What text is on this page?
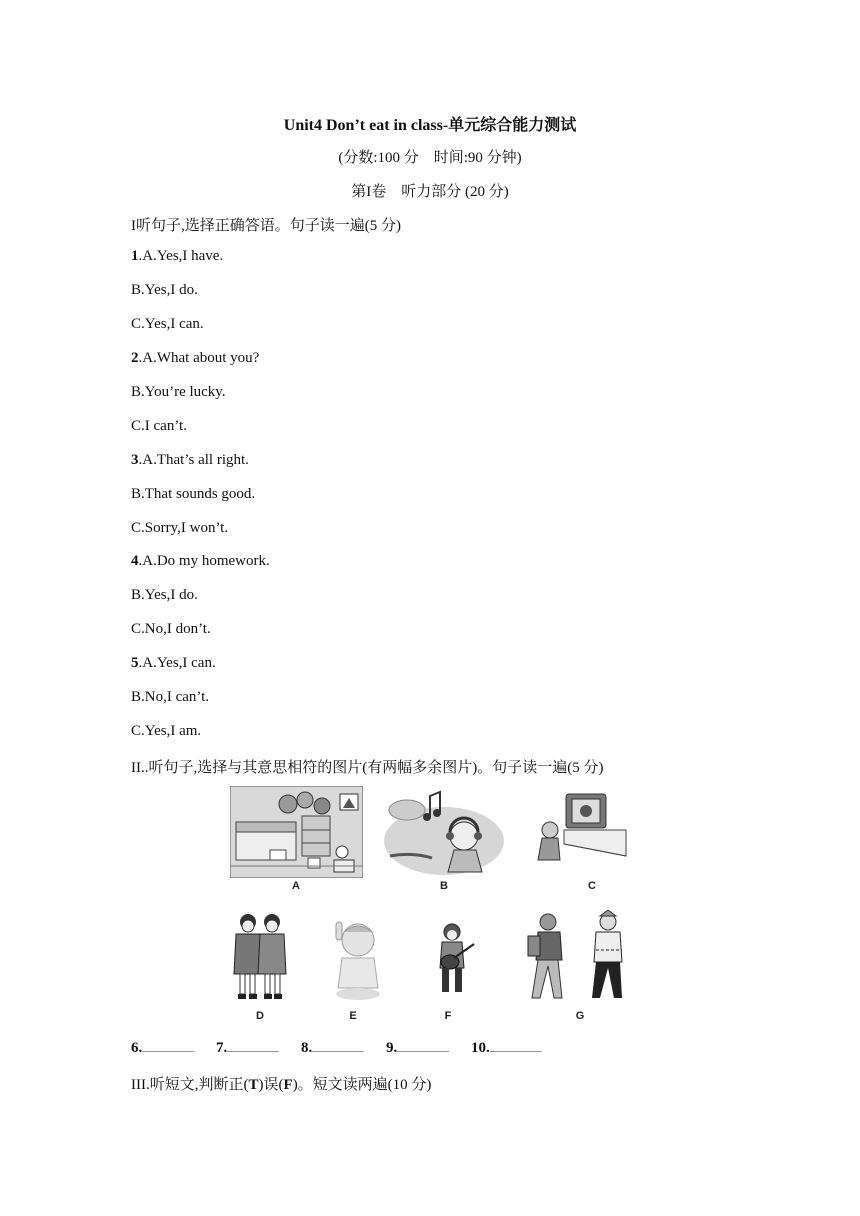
Unit4 Don’t eat in class-单元综合能力测试
(分数:100 分　时间:90 分钟)
第I卷　听力部分 (20 分)
I听句子,选择正确答语。句子读一遍(5 分)
1.A.Yes,I have.
B.Yes,I do.
C.Yes,I can.
2.A.What about you?
B.You’re lucky.
C.I can’t.
3.A.That’s all right.
B.That sounds good.
C.Sorry,I won’t.
4.A.Do my homework.
B.Yes,I do.
C.No,I don’t.
5.A.Yes,I can.
B.No,I can’t.
C.Yes,I am.
II..听句子,选择与其意思相符的图片(有两幅多余图片)。句子读一遍(5 分)
A	B	C
D	E	F	G
6.	7.	8.	9.	10.
III.听短文,判断正(T)误(F)。短文读两遍(10 分)
